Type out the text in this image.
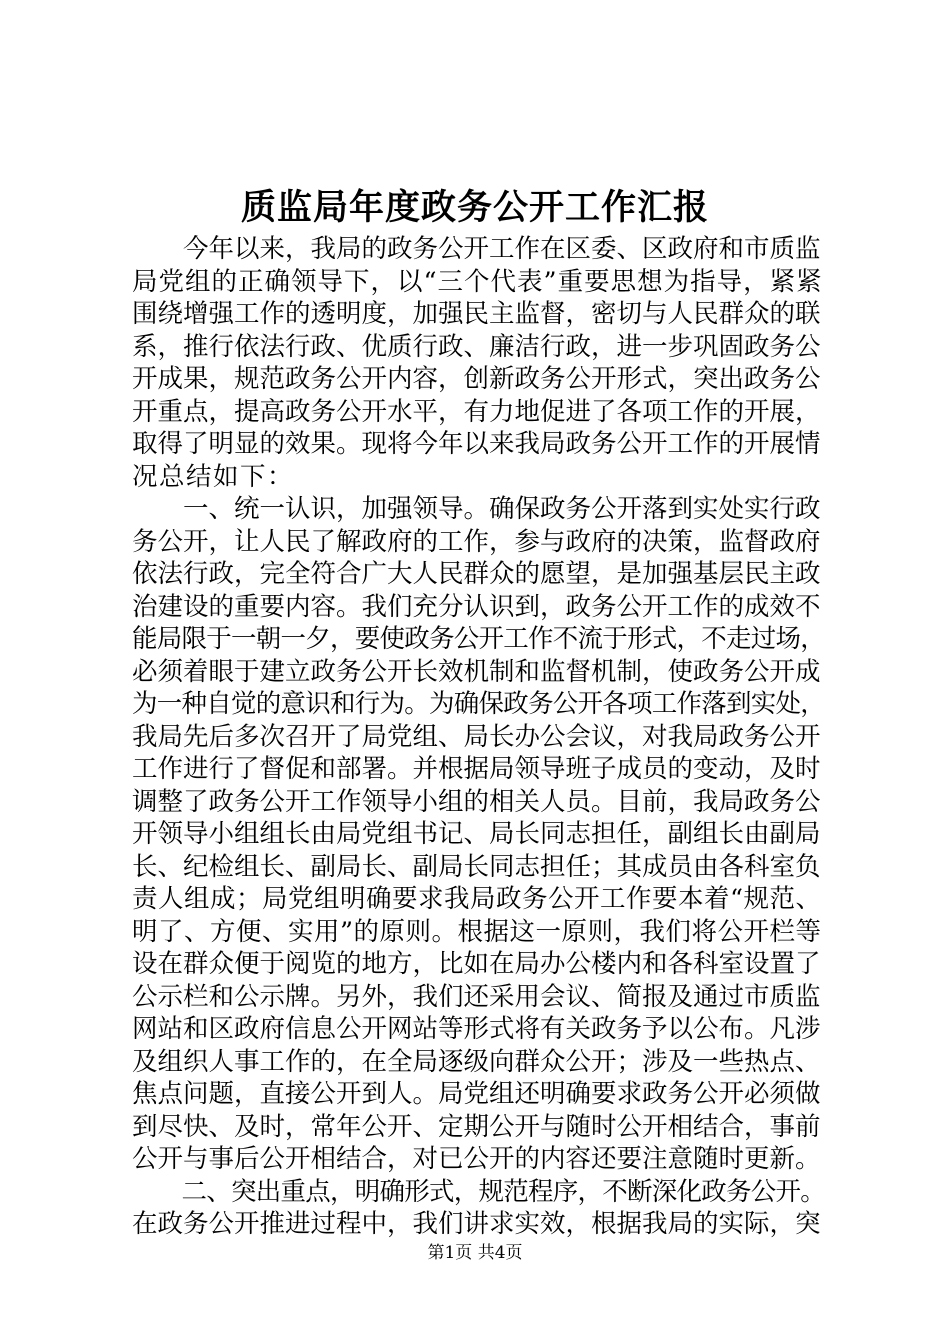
质监局年度政务公开工作汇报
　　今年以来，我局的政务公开工作在区委、区政府和市质监
局党组的正确领导下，以“三个代表”重要思想为指导，紧紧
围绕增强工作的透明度，加强民主监督，密切与人民群众的联
系，推行依法行政、优质行政、廉洁行政，进一步巩固政务公
开成果，规范政务公开内容，创新政务公开形式，突出政务公
开重点，提高政务公开水平，有力地促进了各项工作的开展，
取得了明显的效果。现将今年以来我局政务公开工作的开展情
况总结如下：
　　一、统一认识，加强领导。确保政务公开落到实处实行政
务公开，让人民了解政府的工作，参与政府的决策，监督政府
依法行政，完全符合广大人民群众的愿望，是加强基层民主政
治建设的重要内容。我们充分认识到，政务公开工作的成效不
能局限于一朝一夕，要使政务公开工作不流于形式，不走过场，
必须着眼于建立政务公开长效机制和监督机制，使政务公开成
为一种自觉的意识和行为。为确保政务公开各项工作落到实处，
我局先后多次召开了局党组、局长办公会议，对我局政务公开
工作进行了督促和部署。并根据局领导班子成员的变动，及时
调整了政务公开工作领导小组的相关人员。目前，我局政务公
开领导小组组长由局党组书记、局长同志担任，副组长由副局
长、纪检组长、副局长、副局长同志担任；其成员由各科室负
责人组成；局党组明确要求我局政务公开工作要本着“规范、
明了、方便、实用”的原则。根据这一原则，我们将公开栏等
设在群众便于阅览的地方，比如在局办公楼内和各科室设置了
公示栏和公示牌。另外，我们还采用会议、简报及通过市质监
网站和区政府信息公开网站等形式将有关政务予以公布。凡涉
及组织人事工作的，在全局逐级向群众公开；涉及一些热点、
焦点问题，直接公开到人。局党组还明确要求政务公开必须做
到尽快、及时，常年公开、定期公开与随时公开相结合，事前
公开与事后公开相结合，对已公开的内容还要注意随时更新。
　　二、突出重点，明确形式，规范程序，不断深化政务公开。
在政务公开推进过程中，我们讲求实效，根据我局的实际，突
第1页 共4页
